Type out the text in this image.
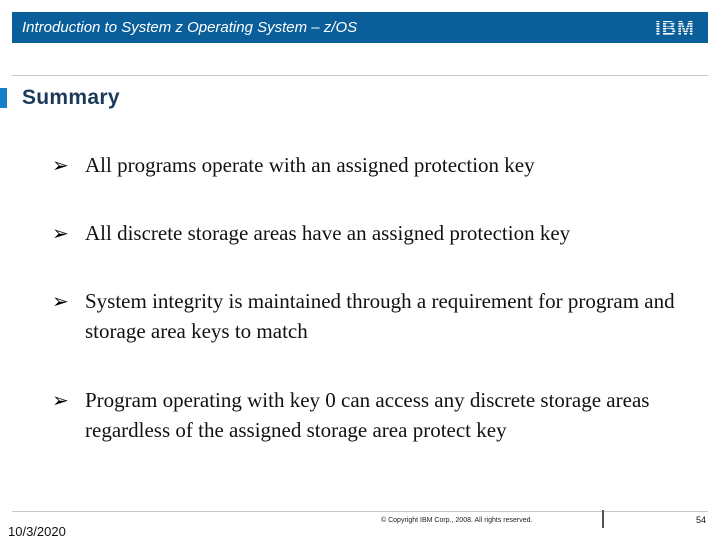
Introduction to System z Operating System – z/OS	IBM
Summary
➢ All programs operate with an assigned protection key
➢ All discrete storage areas have an assigned protection key
➢ System integrity is maintained through a requirement for program and storage area keys to match
➢ Program operating with key 0 can access any discrete storage areas regardless of the assigned storage area protect key
10/3/2020
© Copyright IBM Corp., 2008. All rights reserved.	54
